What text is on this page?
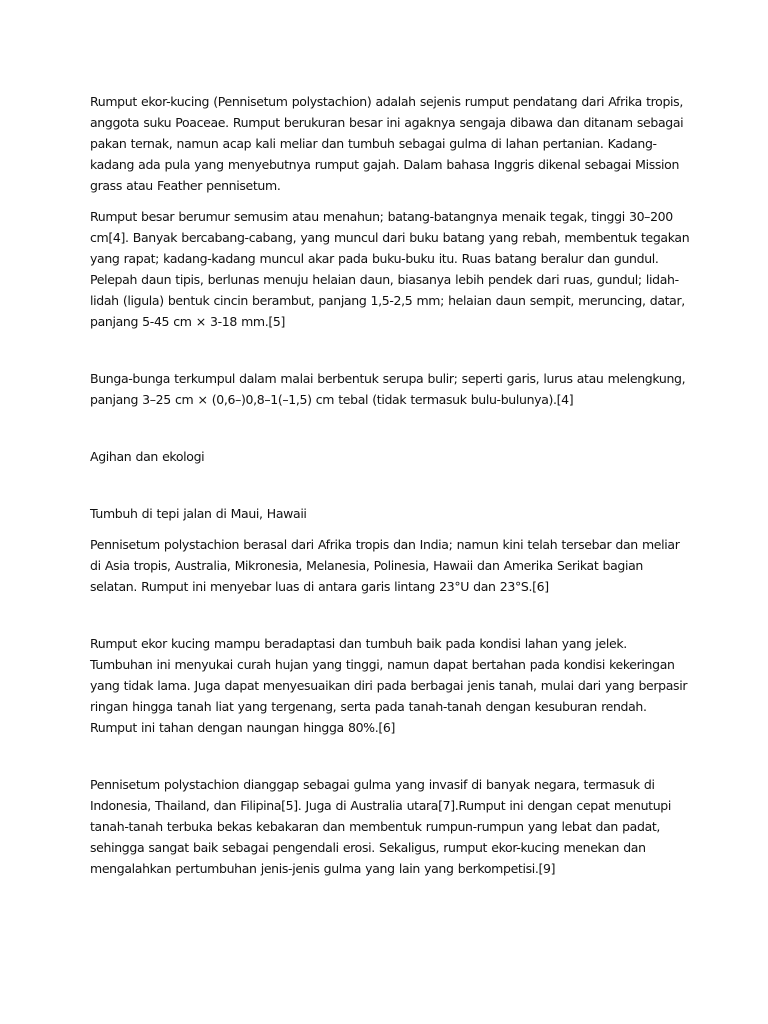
Rumput ekor-kucing (Pennisetum polystachion) adalah sejenis rumput pendatang dari Afrika tropis, anggota suku Poaceae. Rumput berukuran besar ini agaknya sengaja dibawa dan ditanam sebagai pakan ternak, namun acap kali meliar dan tumbuh sebagai gulma di lahan pertanian. Kadang-kadang ada pula yang menyebutnya rumput gajah. Dalam bahasa Inggris dikenal sebagai Mission grass atau Feather pennisetum.

Rumput besar berumur semusim atau menahun; batang-batangnya menaik tegak, tinggi 30–200 cm[4]. Banyak bercabang-cabang, yang muncul dari buku batang yang rebah, membentuk tegakan yang rapat; kadang-kadang muncul akar pada buku-buku itu. Ruas batang beralur dan gundul. Pelepah daun tipis, berlunas menuju helaian daun, biasanya lebih pendek dari ruas, gundul; lidah-lidah (ligula) bentuk cincin berambut, panjang 1,5-2,5 mm; helaian daun sempit, meruncing, datar, panjang 5-45 cm × 3-18 mm.[5]

Bunga-bunga terkumpul dalam malai berbentuk serupa bulir; seperti garis, lurus atau melengkung, panjang 3–25 cm × (0,6–)0,8–1(–1,5) cm tebal (tidak termasuk bulu-bulunya).[4]

Agihan dan ekologi

Tumbuh di tepi jalan di Maui, Hawaii

Pennisetum polystachion berasal dari Afrika tropis dan India; namun kini telah tersebar dan meliar di Asia tropis, Australia, Mikronesia, Melanesia, Polinesia, Hawaii dan Amerika Serikat bagian selatan. Rumput ini menyebar luas di antara garis lintang 23°U dan 23°S.[6]

Rumput ekor kucing mampu beradaptasi dan tumbuh baik pada kondisi lahan yang jelek. Tumbuhan ini menyukai curah hujan yang tinggi, namun dapat bertahan pada kondisi kekeringan yang tidak lama. Juga dapat menyesuaikan diri pada berbagai jenis tanah, mulai dari yang berpasir ringan hingga tanah liat yang tergenang, serta pada tanah-tanah dengan kesuburan rendah. Rumput ini tahan dengan naungan hingga 80%.[6]

Pennisetum polystachion dianggap sebagai gulma yang invasif di banyak negara, termasuk di Indonesia, Thailand, dan Filipina[5]. Juga di Australia utara[7].Rumput ini dengan cepat menutupi tanah-tanah terbuka bekas kebakaran dan membentuk rumpun-rumpun yang lebat dan padat, sehingga sangat baik sebagai pengendali erosi. Sekaligus, rumput ekor-kucing menekan dan mengalahkan pertumbuhan jenis-jenis gulma yang lain yang berkompetisi.[9]
